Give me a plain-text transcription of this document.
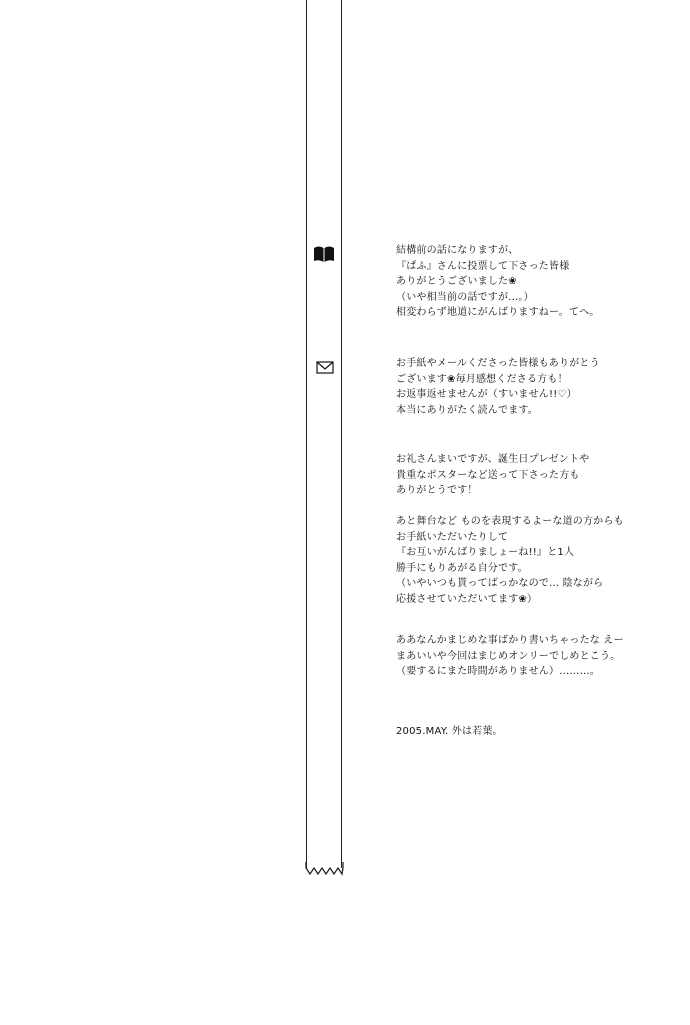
結構前の話になりますが、
『ぱふ』さんに投票して下さった皆様
ありがとうございました❀
（いや相当前の話ですが…。）
相変わらず地道にがんばりますねー。てへ。
お手紙やメールくださった皆様もありがとう
ございます❀毎月感想くださる方も！
お返事返せませんが（すいません!!♡）
本当にありがたく読んでます。
お礼さんまいですが、誕生日プレゼントや
貴重なポスターなど送って下さった方も
ありがとうです！
あと舞台など ものを表現するよーな道の方からも
お手紙いただいたりして
『お互いがんばりましょーね!!』と1人
勝手にもりあがる自分です。
（いやいつも貰ってばっかなので… 陰ながら
応援させていただいてます❀）
ああなんかまじめな事ばかり書いちゃったな えー
まあいいや今回はまじめオンリーでしめとこう。
（要するにまた時間がありません）………。
2005.MAY. 外は若葉。
